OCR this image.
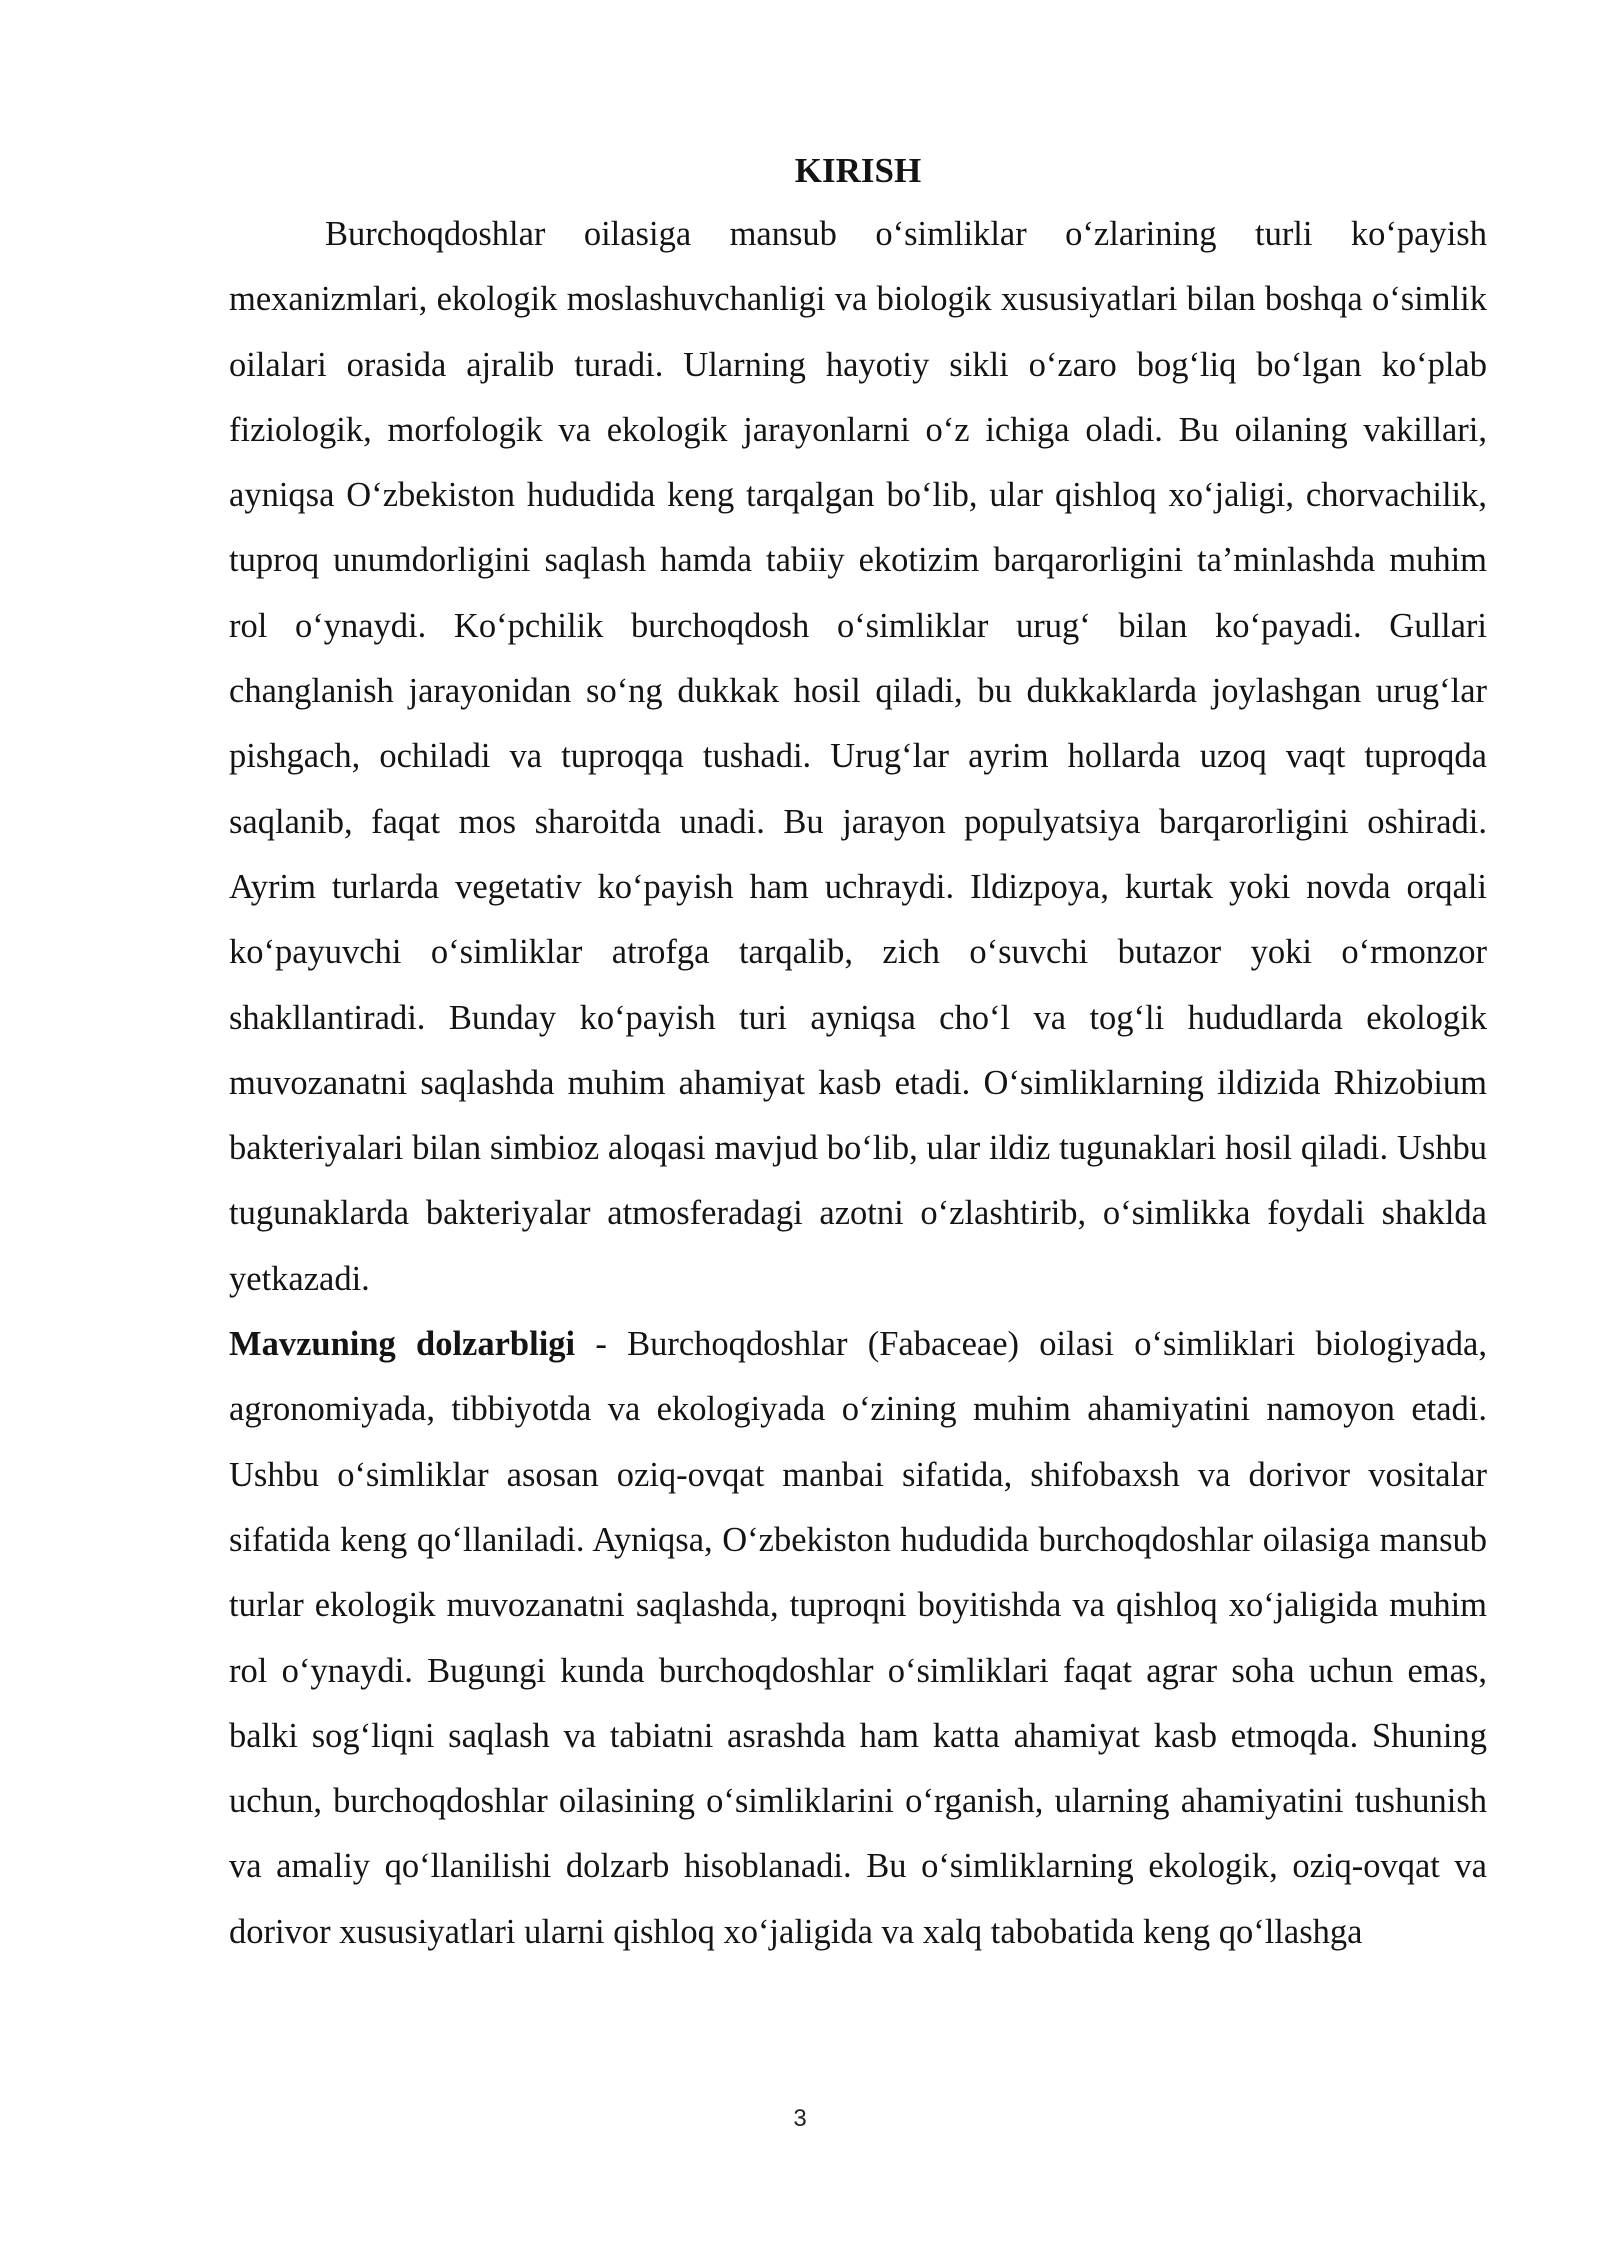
KIRISH

Burchoqdoshlar oilasiga mansub o‘simliklar o‘zlarining turli ko‘payish mexanizmlari, ekologik moslashuvchanligi va biologik xususiyatlari bilan boshqa o‘simlik oilalari orasida ajralib turadi. Ularning hayotiy sikli o‘zaro bog‘liq bo‘lgan ko‘plab fiziologik, morfologik va ekologik jarayonlarni o‘z ichiga oladi. Bu oilaning vakillari, ayniqsa O‘zbekiston hududida keng tarqalgan bo‘lib, ular qishloq xo‘jaligi, chorvachilik, tuproq unumdorligini saqlash hamda tabiiy ekotizim barqarorligini ta’minlashda muhim rol o‘ynaydi. Ko‘pchilik burchoqdosh o‘simliklar urug‘ bilan ko‘payadi. Gullari changlanish jarayonidan so‘ng dukkak hosil qiladi, bu dukkaklarda joylashgan urug‘lar pishgach, ochiladi va tuproqqa tushadi. Urug‘lar ayrim hollarda uzoq vaqt tuproqda saqlanib, faqat mos sharoitda unadi. Bu jarayon populyatsiya barqarorligini oshiradi. Ayrim turlarda vegetativ ko‘payish ham uchraydi. Ildizpoya, kurtak yoki novda orqali ko‘payuvchi o‘simliklar atrofga tarqalib, zich o‘suvchi butazor yoki o‘rmonzor shakllantiradi. Bunday ko‘payish turi ayniqsa cho‘l va tog‘li hududlarda ekologik muvozanatni saqlashda muhim ahamiyat kasb etadi. O‘simliklarning ildizida Rhizobium bakteriyalari bilan simbioz aloqasi mavjud bo‘lib, ular ildiz tugunaklari hosil qiladi. Ushbu tugunaklarda bakteriyalar atmosferadagi azotni o‘zlashtirib, o‘simlikka foydali shaklda yetkazadi.

Mavzuning dolzarbligi - Burchoqdoshlar (Fabaceae) oilasi o‘simliklari biologiyada, agronomiyada, tibbiyotda va ekologiyada o‘zining muhim ahamiyatini namoyon etadi. Ushbu o‘simliklar asosan oziq-ovqat manbai sifatida, shifobaxsh va dorivor vositalar sifatida keng qo‘llaniladi. Ayniqsa, O‘zbekiston hududida burchoqdoshlar oilasiga mansub turlar ekologik muvozanatni saqlashda, tuproqni boyitishda va qishloq xo‘jaligida muhim rol o‘ynaydi. Bugungi kunda burchoqdoshlar o‘simliklari faqat agrar soha uchun emas, balki sog‘liqni saqlash va tabiatni asrashda ham katta ahamiyat kasb etmoqda. Shuning uchun, burchoqdoshlar oilasining o‘simliklarini o‘rganish, ularning ahamiyatini tushunish va amaliy qo‘llanilishi dolzarb hisoblanadi. Bu o‘simliklarning ekologik, oziq-ovqat va dorivor xususiyatlari ularni qishloq xo‘jaligida va xalq tabobatida keng qo‘llashga

3
